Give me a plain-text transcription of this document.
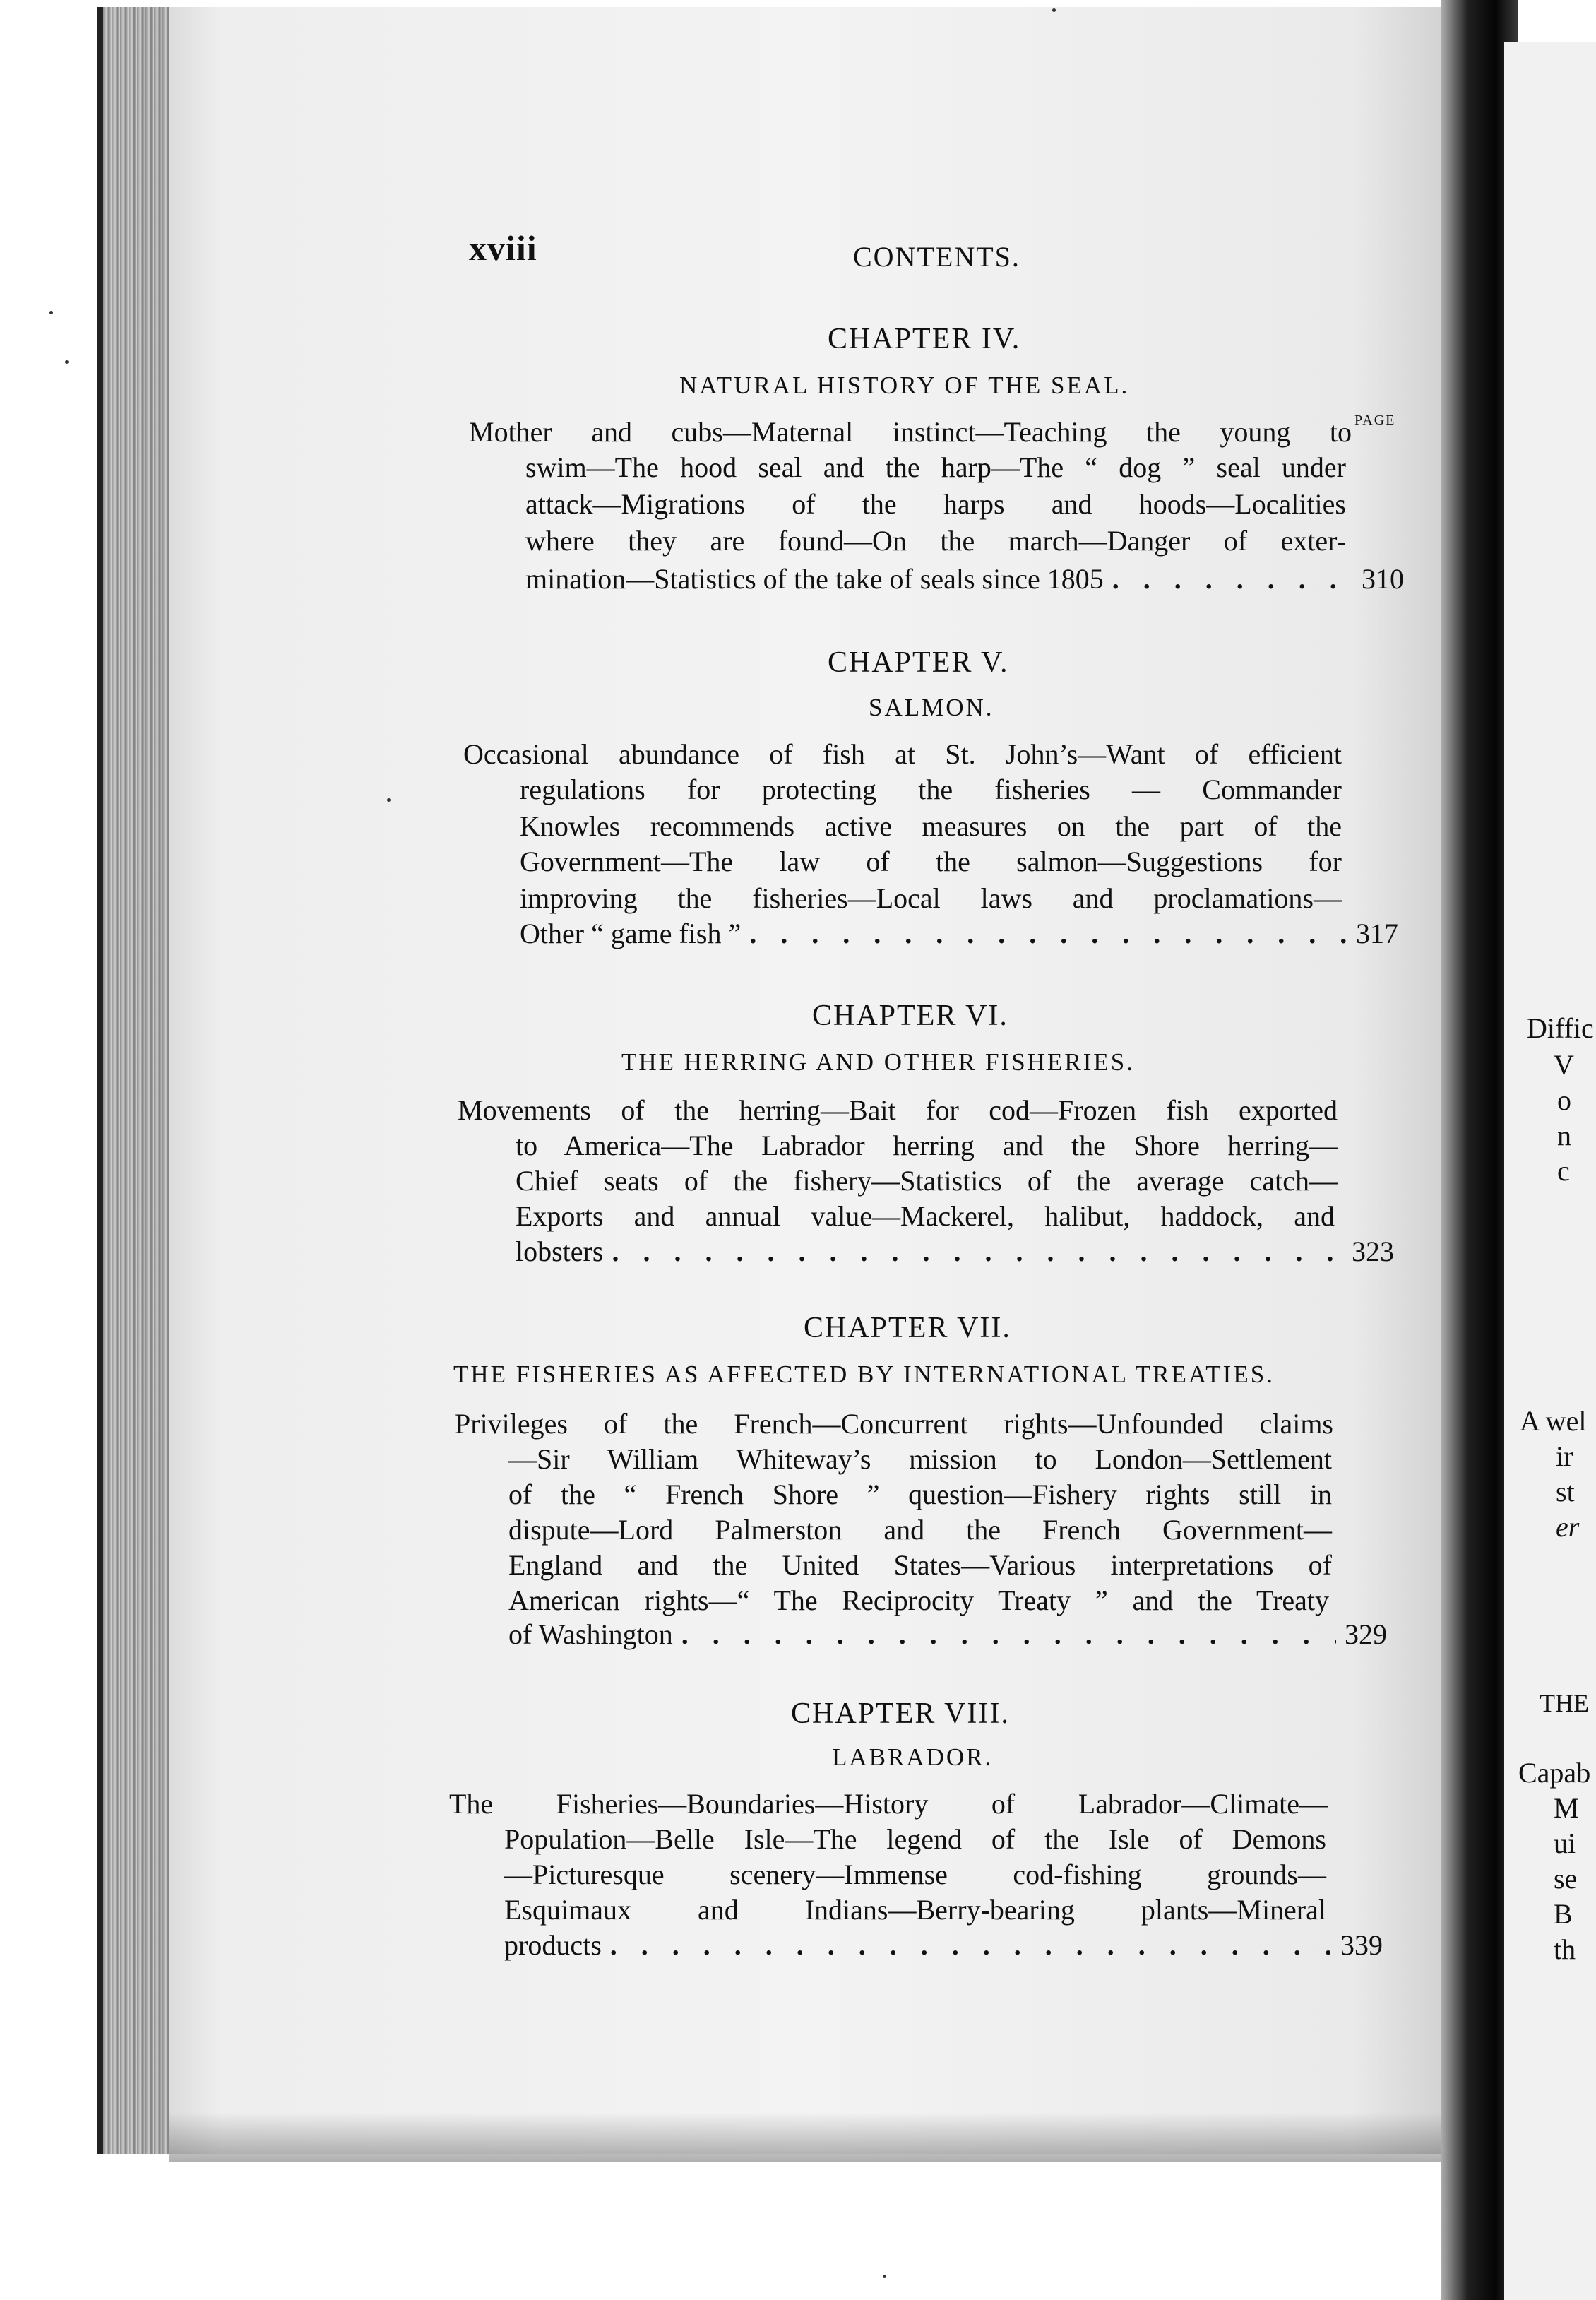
xviii	CONTENTS.
PAGE
CHAPTER IV.
NATURAL HISTORY OF THE SEAL.
Mother and cubs—Maternal instinct—Teaching the young to
swim—The hood seal and the harp—The “ dog ” seal under
attack—Migrations of the harps and hoods—Localities
where they are found—On the march—Danger of exter-
mination—Statistics of the take of seals since 1805 . . .	310
CHAPTER V.
SALMON.
Occasional abundance of fish at St. John’s—Want of efficient
regulations for protecting the fisheries — Commander
Knowles recommends active measures on the part of the
Government—The law of the salmon—Suggestions for
improving the fisheries—Local laws and proclamations—
Other “ game fish ” . . .	317
CHAPTER VI.
THE HERRING AND OTHER FISHERIES.
Movements of the herring—Bait for cod—Frozen fish exported
to America—The Labrador herring and the Shore herring—
Chief seats of the fishery—Statistics of the average catch—
Exports and annual value—Mackerel, halibut, haddock, and
lobsters . . .	323
CHAPTER VII.
THE FISHERIES AS AFFECTED BY INTERNATIONAL TREATIES.
Privileges of the French—Concurrent rights—Unfounded claims
—Sir William Whiteway’s mission to London—Settlement
of the “ French Shore ” question—Fishery rights still in
dispute—Lord Palmerston and the French Government—
England and the United States—Various interpretations of
American rights—“ The Reciprocity Treaty ” and the Treaty
of Washington . . .	329
CHAPTER VIII.
LABRADOR.
The Fisheries—Boundaries—History of Labrador—Climate—
Population—Belle Isle—The legend of the Isle of Demons
—Picturesque scenery—Immense cod-fishing grounds—
Esquimaux and Indians—Berry-bearing plants—Mineral
products . . .	339
Diffic
V
o
n
c
A wel
ir
st
er
THE
Capab
M
ui
se
B
th
